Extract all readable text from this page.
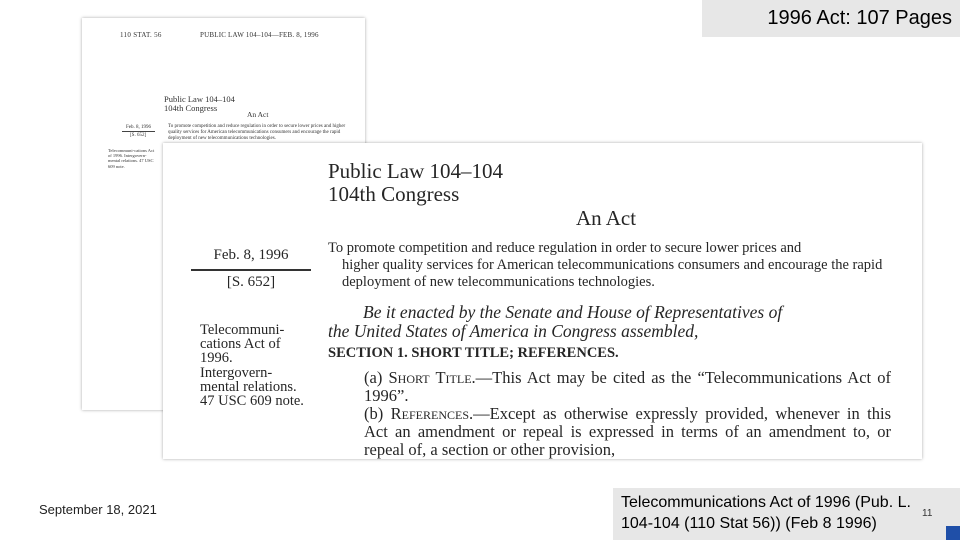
1996 Act: 107 Pages
110 STAT. 56	PUBLIC LAW 104–104—FEB. 8, 1996
Public Law 104–104
104th Congress
An Act
Feb. 8, 1996
[S. 652]
To promote competition and reduce regulation in order to secure lower prices and higher quality services for American telecommunications consumers and encourage the rapid deployment of new telecommunications technologies.
Telecommuni-cations Act of 1996. Intergovern-mental relations. 47 USC 609 note.	Public Law 104–104
104th Congress
An Act
Feb. 8, 1996
[S. 652]
To promote competition and reduce regulation in order to secure lower prices and
higher quality services for American telecommunications consumers and encourage the rapid deployment of new telecommunications technologies.
Telecommuni-
cations Act of
1996.
Intergovern-
mental relations.
47 USC 609 note.
Be it enacted by the Senate and House of Representatives of
the United States of America in Congress assembled,
SECTION 1. SHORT TITLE; REFERENCES.
(a) Short Title.—This Act may be cited as the “Telecommunications Act of 1996”.
(b) References.—Except as otherwise expressly provided, whenever in this Act an amendment or repeal is expressed in terms of an amendment to, or repeal of, a section or other provision,
September 18, 2021	Telecommunications Act of 1996 (Pub. L.
104-104 (110 Stat 56)) (Feb 8 1996)
11
